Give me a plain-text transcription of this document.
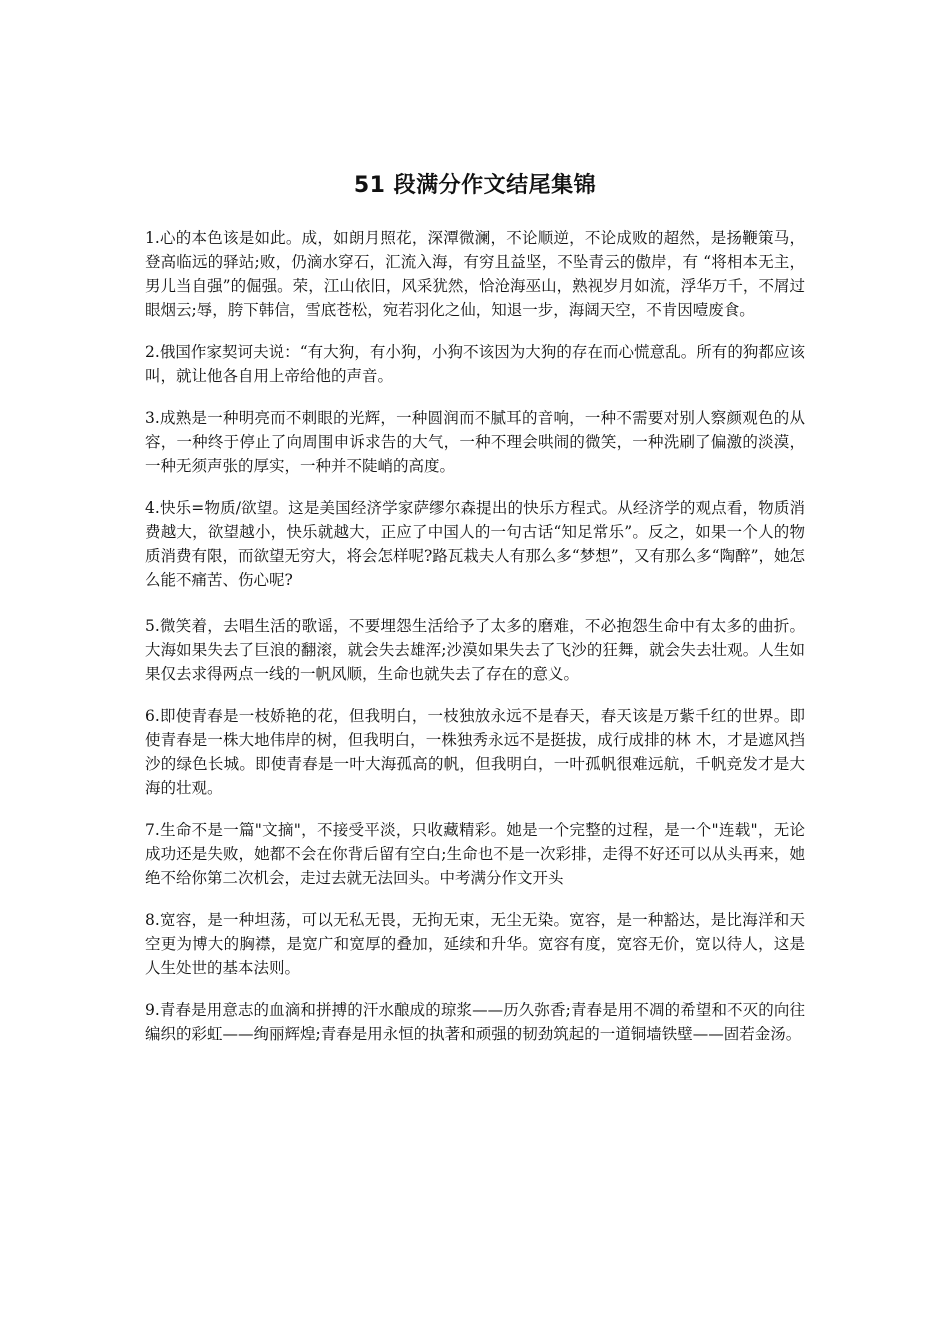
51 段满分作文结尾集锦

1.心的本色该是如此。成，如朗月照花，深潭微澜，不论顺逆，不论成败的超然，是扬鞭策马，登高临远的驿站;败，仍滴水穿石，汇流入海，有穷且益坚，不坠青云的傲岸，有 “将相本无主，男儿当自强”的倔强。荣，江山依旧，风采犹然，恰沧海巫山，熟视岁月如流，浮华万千，不屑过眼烟云;辱，胯下韩信，雪底苍松，宛若羽化之仙，知退一步，海阔天空，不肯因噎废食。

2.俄国作家契诃夫说：“有大狗，有小狗，小狗不该因为大狗的存在而心慌意乱。所有的狗都应该叫，就让他各自用上帝给他的声音。

3.成熟是一种明亮而不刺眼的光辉，一种圆润而不腻耳的音响，一种不需要对别人察颜观色的从容，一种终于停止了向周围申诉求告的大气，一种不理会哄闹的微笑，一种洗刷了偏激的淡漠，一种无须声张的厚实，一种并不陡峭的高度。

4.快乐=物质/欲望。这是美国经济学家萨缪尔森提出的快乐方程式。从经济学的观点看，物质消费越大，欲望越小，快乐就越大，正应了中国人的一句古话“知足常乐”。反之，如果一个人的物质消费有限，而欲望无穷大，将会怎样呢?路瓦栽夫人有那么多“梦想”，又有那么多“陶醉”，她怎么能不痛苦、伤心呢?

5.微笑着，去唱生活的歌谣，不要埋怨生活给予了太多的磨难，不必抱怨生命中有太多的曲折。大海如果失去了巨浪的翻滚，就会失去雄浑;沙漠如果失去了飞沙的狂舞，就会失去壮观。人生如果仅去求得两点一线的一帆风顺，生命也就失去了存在的意义。

6.即使青春是一枝娇艳的花，但我明白，一枝独放永远不是春天，春天该是万紫千红的世界。即使青春是一株大地伟岸的树，但我明白，一株独秀永远不是挺拔，成行成排的林 木，才是遮风挡沙的绿色长城。即使青春是一叶大海孤高的帆，但我明白，一叶孤帆很难远航，千帆竞发才是大海的壮观。

7.生命不是一篇"文摘"，不接受平淡，只收藏精彩。她是一个完整的过程，是一个"连载"，无论成功还是失败，她都不会在你背后留有空白;生命也不是一次彩排，走得不好还可以从头再来，她绝不给你第二次机会，走过去就无法回头。中考满分作文开头

8.宽容，是一种坦荡，可以无私无畏，无拘无束，无尘无染。宽容，是一种豁达，是比海洋和天空更为博大的胸襟，是宽广和宽厚的叠加，延续和升华。宽容有度，宽容无价，宽以待人，这是人生处世的基本法则。

9.青春是用意志的血滴和拼搏的汗水酿成的琼浆——历久弥香;青春是用不凋的希望和不灭的向往编织的彩虹——绚丽辉煌;青春是用永恒的执著和顽强的韧劲筑起的一道铜墙铁壁——固若金汤。
